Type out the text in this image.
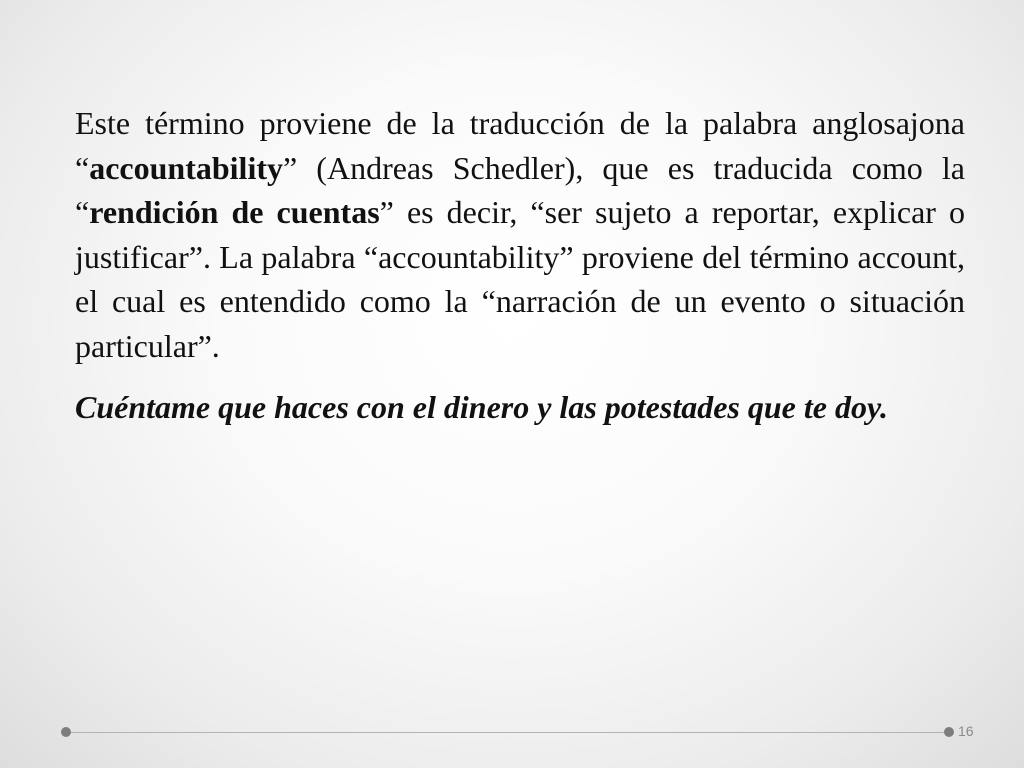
Este término proviene de la traducción de la palabra anglosajona “accountability” (Andreas Schedler), que es traducida como la “rendición de cuentas” es decir, “ser sujeto a reportar, explicar o justificar”. La palabra “accountability” proviene del término account, el cual es entendido como la “narración de un evento o situación particular”.

Cuéntame que haces con el dinero y las potestades que te doy.

16
